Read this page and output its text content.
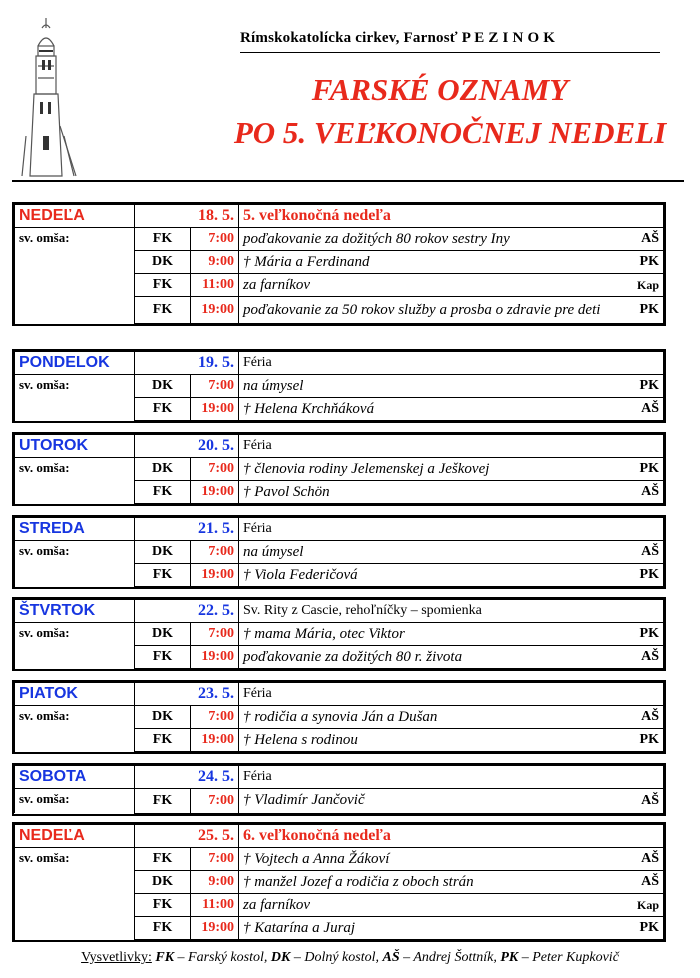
Rímskokatolícka cirkev, Farnosť P E Z I N O K
FARSKÉ OZNAMY
PO 5. VEĽKONOČNEJ NEDELI
NEDEĽA	18. 5.		5. veľkonočná nedeľa	
sv. omša:	FK	7:00	poďakovanie za dožitých 80 rokov sestry Iny	AŠ
	DK	9:00	† Mária a Ferdinand	PK
	FK	11:00	za farníkov	Kap
	FK	19:00	poďakovanie za 50 rokov služby a prosba o zdravie pre deti	PK
PONDELOK	19. 5.		Féria	
sv. omša:	DK	7:00	na úmysel	PK
	FK	19:00	† Helena Krchňáková	AŠ
UTOROK	20. 5.		Féria	
sv. omša:	DK	7:00	† členovia rodiny Jelemenskej a Ješkovej	PK
	FK	19:00	† Pavol Schön	AŠ
STREDA	21. 5.		Féria	
sv. omša:	DK	7:00	na úmysel	AŠ
	FK	19:00	† Viola Federičová	PK
ŠTVRTOK	22. 5.		Sv. Rity z Cascie, rehoľníčky – spomienka	
sv. omša:	DK	7:00	† mama Mária, otec Viktor	PK
	FK	19:00	poďakovanie za dožitých 80 r. života	AŠ
PIATOK	23. 5.		Féria	
sv. omša:	DK	7:00	† rodičia a synovia Ján a Dušan	AŠ
	FK	19:00	† Helena s rodinou	PK
SOBOTA	24. 5.		Féria	
sv. omša:	FK	7:00	† Vladimír Jančovič	AŠ
NEDEĽA	25. 5.		6. veľkonočná nedeľa	
sv. omša:	FK	7:00	† Vojtech a Anna Žákoví	AŠ
	DK	9:00	† manžel Jozef a rodičia z oboch strán	AŠ
	FK	11:00	za farníkov	Kap
	FK	19:00	† Katarína a Juraj	PK
Vysvetlivky: FK – Farský kostol, DK – Dolný kostol, AŠ – Andrej Šottník, PK – Peter Kupkovič
